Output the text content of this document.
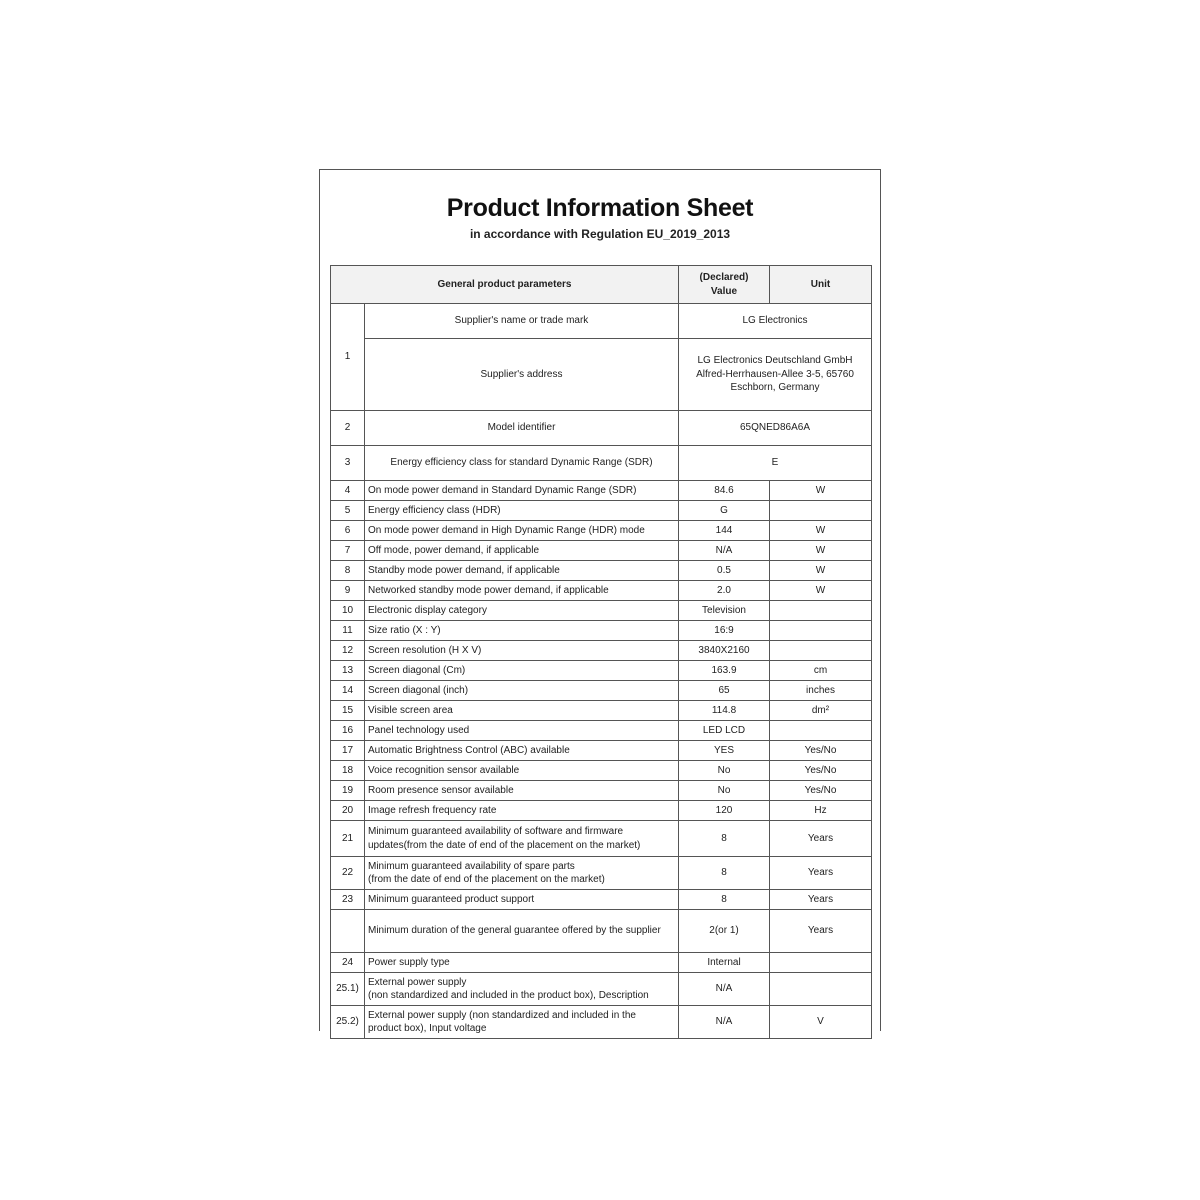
Product Information Sheet
in accordance with Regulation EU_2019_2013
General product parameters		(Declared)
Value	Unit
1	Supplier's name or trade mark	LG Electronics	
	Supplier's address	LG Electronics Deutschland GmbH
Alfred-Herrhausen-Allee 3-5, 65760
Eschborn, Germany	

2	Model identifier	65QNED86A6A	
3	Energy efficiency class for standard Dynamic Range (SDR)	E	
4	On mode power demand in Standard Dynamic Range (SDR)	84.6	W
5	Energy efficiency class (HDR)	G	
6	On mode power demand in High Dynamic Range (HDR) mode	144	W
7	Off mode, power demand, if applicable	N/A	W
8	Standby mode power demand, if applicable	0.5	W
9	Networked standby mode power demand, if applicable	2.0	W
10	Electronic display category	Television	
11	Size ratio (X : Y)	16:9	
12	Screen resolution (H X V)	3840X2160	
13	Screen diagonal (Cm)	163.9	cm
14	Screen diagonal (inch)	65	inches
15	Visible screen area	114.8	dm²
16	Panel technology used	LED LCD	
17	Automatic Brightness Control (ABC) available	YES	Yes/No
18	Voice recognition sensor available	No	Yes/No
19	Room presence sensor available	No	Yes/No
20	Image refresh frequency rate	120	Hz
21	Minimum guaranteed availability of software and firmware
updates(from the date of end of the placement on the market)	8	Years
22	Minimum guaranteed availability of spare parts
(from the date of end of the placement on the market)	8	Years
23	Minimum guaranteed product support	8	Years
	Minimum duration of the general guarantee offered by the supplier	2(or 1)	Years
24	Power supply type	Internal	
25.1)	External power supply
(non standardized and included in the product box), Description	N/A	
25.2)	External power supply (non standardized and included in the
product box), Input voltage	N/A	V
